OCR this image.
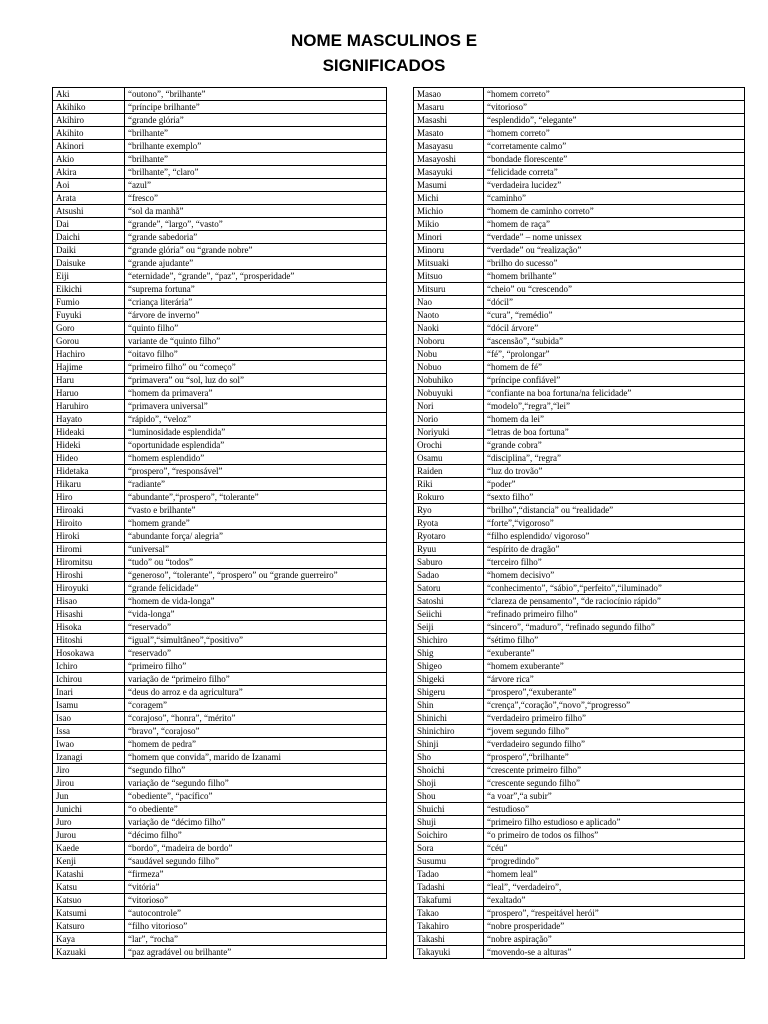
NOME MASCULINOS E
SIGNIFICADOS
Aki	“outono”, “brilhante”
Akihiko	“príncipe brilhante”
Akihiro	“grande glória”
Akihito	“brilhante”
Akinori	“brilhante exemplo”
Akio	“brilhante”
Akira	“brilhante”, “claro”
Aoi	“azul”
Arata	“fresco”
Atsushi	“sol da manhã”
Dai	“grande”, “largo”, “vasto”
Daichi	“grande sabedoria”
Daiki	“grande glória” ou “grande nobre”
Daisuke	“grande ajudante”
Eiji	“eternidade”, “grande”, “paz”, “prosperidade”
Eikichi	“suprema fortuna”
Fumio	“criança literária”
Fuyuki	“árvore de inverno”
Goro	“quinto filho”
Gorou	variante de “quinto filho”
Hachiro	“oitavo filho”
Hajime	“primeiro filho” ou “começo”
Haru	“primavera” ou “sol, luz do sol”
Haruo	“homem da primavera”
Haruhiro	“primavera universal”
Hayato	“rápido”, “veloz”
Hideaki	“luminosidade esplendida”
Hideki	“oportunidade esplendida”
Hideo	“homem esplendido”
Hidetaka	“prospero”, “responsável”
Hikaru	“radiante”
Hiro	“abundante”,“prospero”, “tolerante”
Hiroaki	“vasto e brilhante”
Hiroito	“homem grande”
Hiroki	“abundante força/ alegria”
Hiromi	“universal”
Hiromitsu	“tudo” ou “todos”
Hiroshi	“generoso”, “tolerante”, “prospero” ou “grande guerreiro”
Hiroyuki	“grande felicidade”
Hisao	“homem de vida-longa”
Hisashi	“vida-longa”
Hisoka	“reservado”
Hitoshi	“igual”,“simultâneo”,“positivo”
Hosokawa	“reservado”
Ichiro	“primeiro filho”
Ichirou	variação de “primeiro filho”
Inari	“deus do arroz e da agricultura”
Isamu	“coragem”
Isao	“corajoso”, “honra”, “mérito”
Issa	“bravo”, “corajoso”
Iwao	“homem de pedra”
Izanagi	“homem que convida”, marido de Izanami
Jiro	“segundo filho”
Jirou	variação de “segundo filho”
Jun	“obediente”, “pacífico”
Junichi	“o obediente”
Juro	variação de “décimo filho”
Jurou	“décimo filho”
Kaede	“bordo”, “madeira de bordo”
Kenji	“saudável segundo filho”
Katashi	“firmeza”
Katsu	“vitória”
Katsuo	“vitorioso”
Katsumi	“autocontrole”
Katsuro	“filho vitorioso”
Kaya	“lar”, “rocha”
Kazuaki	“paz agradável ou brilhante”
Masao	“homem correto”
Masaru	“vitorioso”
Masashi	“esplendido”, “elegante”
Masato	“homem correto”
Masayasu	“corretamente calmo”
Masayoshi	“bondade florescente”
Masayuki	“felicidade correta”
Masumi	“verdadeira lucidez”
Michi	“caminho”
Michio	“homem de caminho correto”
Mikio	“homem de raça”
Minori	“verdade” – nome unissex
Minoru	“verdade” ou “realização”
Mitsuaki	“brilho do sucesso”
Mitsuo	“homem brilhante”
Mitsuru	“cheio” ou “crescendo”
Nao	“dócil”
Naoto	“cura”, “remédio”
Naoki	“dócil árvore”
Noboru	“ascensão”, “subida”
Nobu	“fé”, “prolongar”
Nobuo	“homem de fé”
Nobuhiko	“príncipe confiável”
Nobuyuki	“confiante na boa fortuna/na felicidade”
Nori	“modelo”,“regra”,“lei”
Norio	“homem da lei”
Noriyuki	“letras de boa fortuna”
Orochi	“grande cobra”
Osamu	“disciplina”, “regra”
Raiden	“luz do trovão”
Riki	“poder”
Rokuro	“sexto filho”
Ryo	“brilho”,“distancia” ou “realidade”
Ryota	“forte”,“vigoroso”
Ryotaro	“filho esplendido/ vigoroso”
Ryuu	“espírito de dragão”
Saburo	“terceiro filho”
Sadao	“homem decisivo”
Satoru	“conhecimento”, “sábio”,“perfeito”,“iluminado”
Satoshi	“clareza de pensamento”, “de raciocínio rápido”
Seiichi	“refinado primeiro filho”
Seiji	“sincero”, “maduro”, “refinado segundo filho”
Shichiro	“sétimo filho”
Shig	“exuberante”
Shigeo	“homem exuberante”
Shigeki	“árvore rica”
Shigeru	“prospero”,“exuberante”
Shin	“crença”,“coração”,“novo”,“progresso”
Shinichi	“verdadeiro primeiro filho”
Shinichiro	“jovem segundo filho”
Shinji	“verdadeiro segundo filho”
Sho	“prospero”,“brilhante”
Shoichi	“crescente primeiro filho”
Shoji	“crescente segundo filho”
Shou	“a voar”,“a subir”
Shuichi	“estudioso”
Shuji	“primeiro filho estudioso e aplicado”
Soichiro	“o primeiro de todos os filhos”
Sora	“céu”
Susumu	“progredindo”
Tadao	“homem leal”
Tadashi	“leal”, “verdadeiro”,
Takafumi	“exaltado”
Takao	“prospero”, “respeitável herói”
Takahiro	“nobre prosperidade”
Takashi	“nobre aspiração”
Takayuki	“movendo-se a alturas”
